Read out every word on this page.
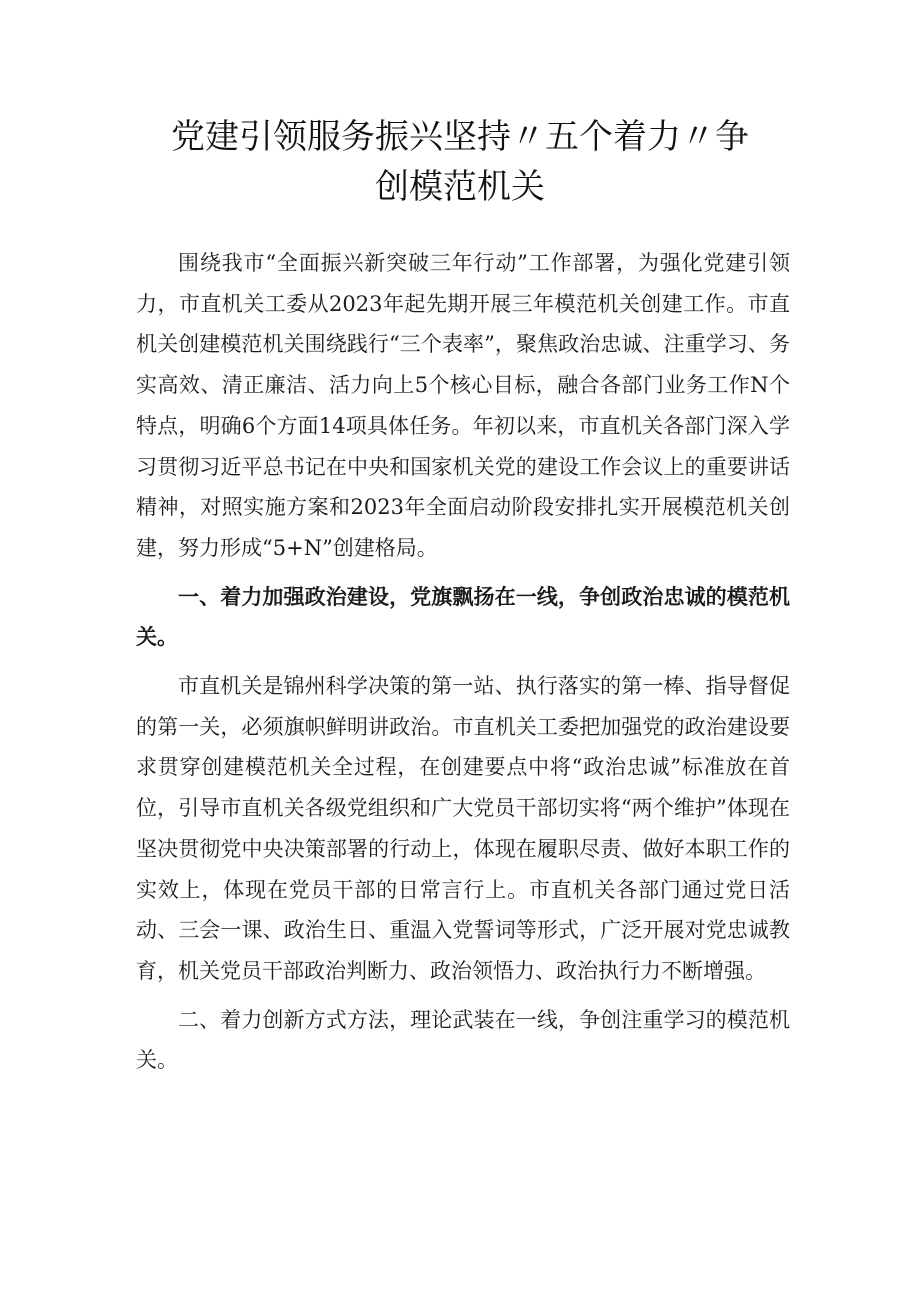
党建引领服务振兴坚持〃五个着力〃争
创模范机关

围绕我市“全面振兴新突破三年行动”工作部署，为强化党建引领力，市直机关工委从2023年起先期开展三年模范机关创建工作。市直机关创建模范机关围绕践行“三个表率”，聚焦政治忠诚、注重学习、务实高效、清正廉洁、活力向上5个核心目标，融合各部门业务工作N个特点，明确6个方面14项具体任务。年初以来，市直机关各部门深入学习贯彻习近平总书记在中央和国家机关党的建设工作会议上的重要讲话精神，对照实施方案和2023年全面启动阶段安排扎实开展模范机关创建，努力形成“5+N”创建格局。

一、着力加强政治建设，党旗飘扬在一线，争创政治忠诚的模范机关。

市直机关是锦州科学决策的第一站、执行落实的第一棒、指导督促的第一关，必须旗帜鲜明讲政治。市直机关工委把加强党的政治建设要求贯穿创建模范机关全过程，在创建要点中将“政治忠诚”标准放在首位，引导市直机关各级党组织和广大党员干部切实将“两个维护”体现在坚决贯彻党中央决策部署的行动上，体现在履职尽责、做好本职工作的实效上，体现在党员干部的日常言行上。市直机关各部门通过党日活动、三会一课、政治生日、重温入党誓词等形式，广泛开展对党忠诚教育，机关党员干部政治判断力、政治领悟力、政治执行力不断增强。

二、着力创新方式方法，理论武装在一线，争创注重学习的模范机关。
